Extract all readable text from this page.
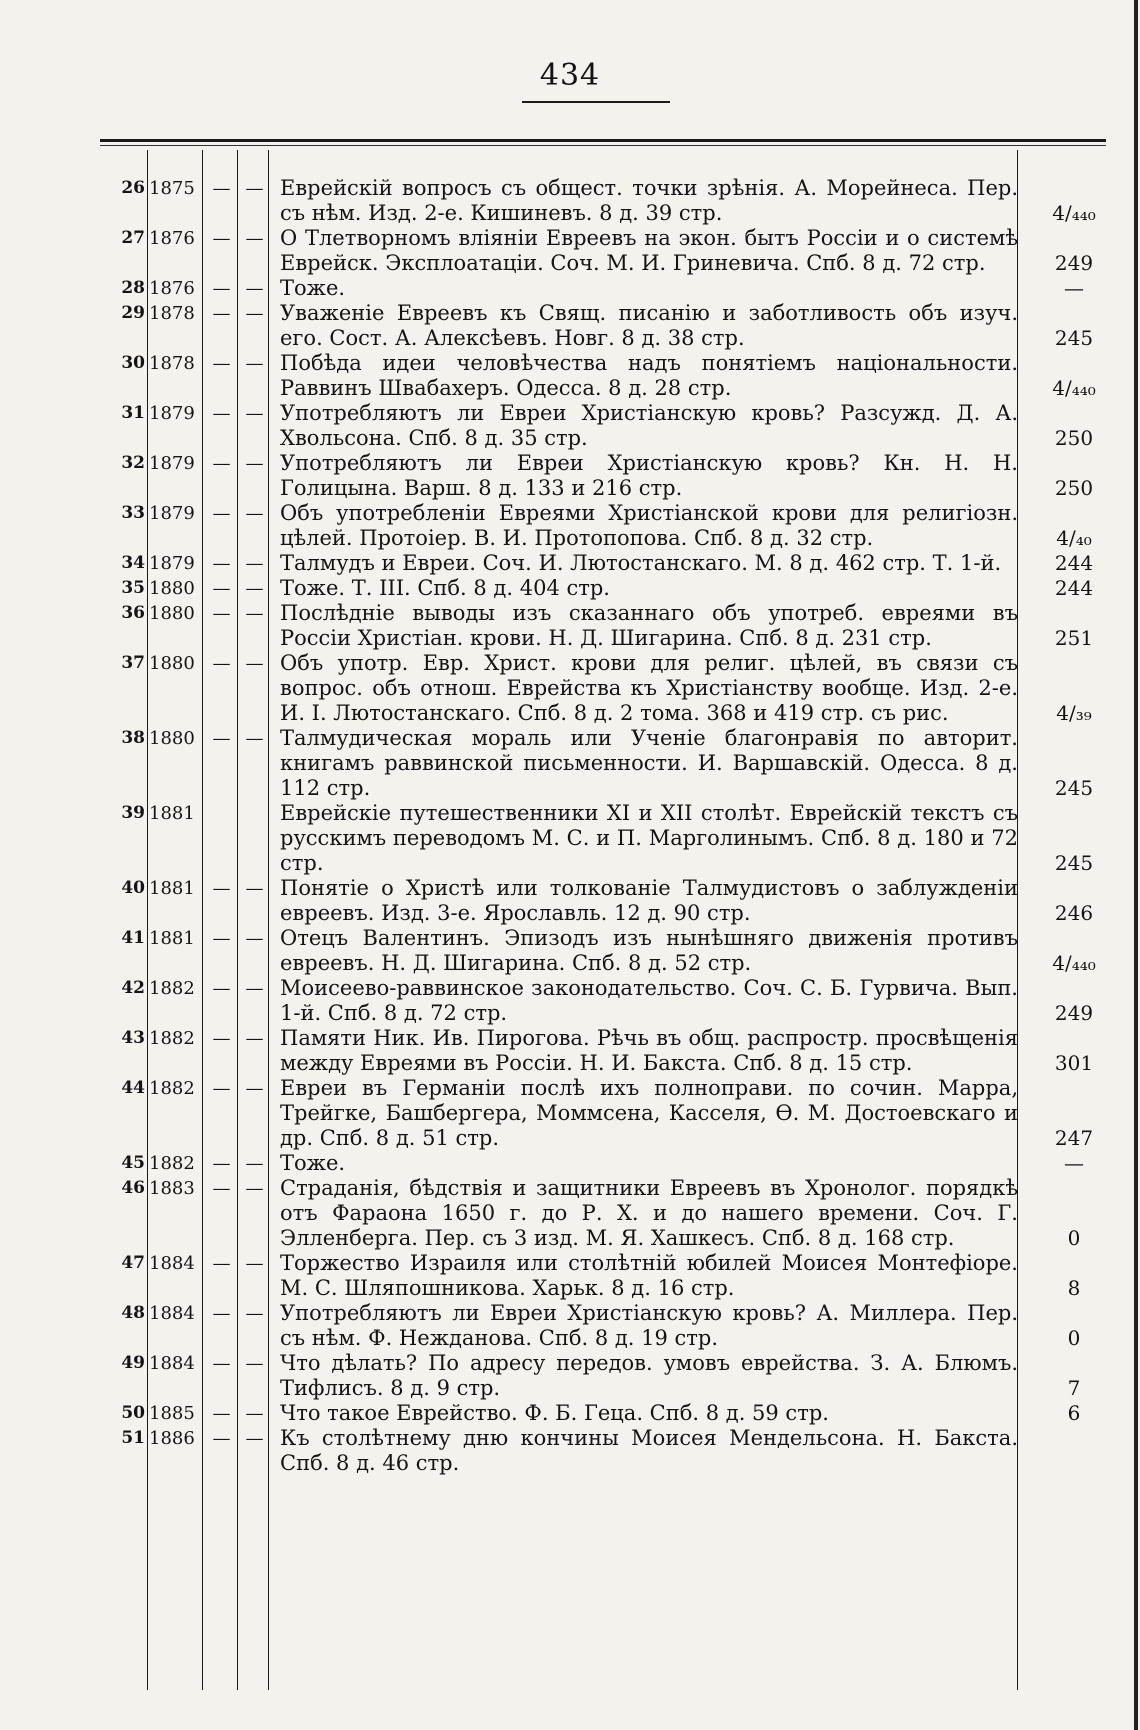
434
26 1875 — — Еврейскій вопросъ съ общест. точки зрѣнія. А. Морейнеса. Пер. съ нѣм. Изд. 2-е. Кишиневъ. 8 д. 39 стр.	4/₄₄₀
27 1876 — — О Тлетворномъ вліяніи Евреевъ на экон. бытъ Россіи и о системѣ Еврейск. Эксплоатаціи. Соч. М. И. Гриневича. Спб. 8 д. 72 стр.	249
28 1876 — — Тоже.	—
29 1878 — — Уваженіе Евреевъ къ Свящ. писанію и заботливость объ изуч. его. Сост. А. Алексѣевъ. Новг. 8 д. 38 стр.	245
30 1878 — — Побѣда идеи человѣчества надъ понятіемъ національности. Раввинъ Швабахеръ. Одесса. 8 д. 28 стр.	4/₄₄₀
31 1879 — — Употребляютъ ли Евреи Христіанскую кровь? Разсужд. Д. А. Хвольсона. Спб. 8 д. 35 стр.	250
32 1879 — — Употребляютъ ли Евреи Христіанскую кровь? Кн. Н. Н. Голицына. Варш. 8 д. 133 и 216 стр.	250
33 1879 — — Объ употребленіи Евреями Христіанской крови для религіозн. цѣлей. Протоіер. В. И. Протопопова. Спб. 8 д. 32 стр.	4/₄₀
34 1879 — — Талмудъ и Евреи. Соч. И. Лютостанскаго. М. 8 д. 462 стр. Т. 1-й.	244
35 1880 — — Тоже. Т. III. Спб. 8 д. 404 стр.	244
36 1880 — — Послѣдніе выводы изъ сказаннаго объ употреб. евреями въ Россіи Христіан. крови. Н. Д. Шигарина. Спб. 8 д. 231 стр.	251
37 1880 — — Объ употр. Евр. Христ. крови для религ. цѣлей, въ связи съ вопрос. объ отнош. Еврейства къ Христіанству вообще. Изд. 2-е. И. І. Лютостанскаго. Спб. 8 д. 2 тома. 368 и 419 стр. съ рис.	4/₃₉
38 1880 — — Талмудическая мораль или Ученіе благонравія по авторит. книгамъ раввинской письменности. И. Варшавскій. Одесса. 8 д. 112 стр.	245
39 1881	Еврейскіе путешественники XI и XII столѣт. Еврейскій текстъ съ русскимъ переводомъ М. С. и П. Марголинымъ. Спб. 8 д. 180 и 72 стр.	245
40 1881 — — Понятіе о Христѣ или толкованіе Талмудистовъ о заблужденіи евреевъ. Изд. 3-е. Ярославль. 12 д. 90 стр.	246
41 1881 — — Отецъ Валентинъ. Эпизодъ изъ нынѣшняго движенія противъ евреевъ. Н. Д. Шигарина. Спб. 8 д. 52 стр.	4/₄₄₀
42 1882 — — Моисеево-раввинское законодательство. Соч. С. Б. Гурвича. Вып. 1-й. Спб. 8 д. 72 стр.	249
43 1882 — — Памяти Ник. Ив. Пирогова. Рѣчь въ общ. распростр. просвѣщенія между Евреями въ Россіи. Н. И. Бакста. Спб. 8 д. 15 стр.	301
44 1882 — — Евреи въ Германіи послѣ ихъ полноправи. по сочин. Марра, Трейгке, Башбергера, Моммсена, Касселя, Ѳ. М. Достоевскаго и др. Спб. 8 д. 51 стр.	247
45 1882 — — Тоже.	—
46 1883 — — Страданія, бѣдствія и защитники Евреевъ въ Хронолог. порядкѣ отъ Фараона 1650 г. до Р. Х. и до нашего времени. Соч. Г. Элленберга. Пер. съ 3 изд. М. Я. Хашкесъ. Спб. 8 д. 168 стр.	0
47 1884 — — Торжество Израиля или столѣтній юбилей Моисея Монтефіоре. М. С. Шляпошникова. Харьк. 8 д. 16 стр.	8
48 1884 — — Употребляютъ ли Евреи Христіанскую кровь? А. Миллера. Пер. съ нѣм. Ф. Нежданова. Спб. 8 д. 19 стр.	0
49 1884 — — Что дѣлать? По адресу передов. умовъ еврейства. З. А. Блюмъ. Тифлисъ. 8 д. 9 стр.	7
50 1885 — — Что такое Еврейство. Ф. Б. Геца. Спб. 8 д. 59 стр.	6
51 1886 — — Къ столѣтнему дню кончины Моисея Мендельсона. Н. Бакста. Спб. 8 д. 46 стр.
